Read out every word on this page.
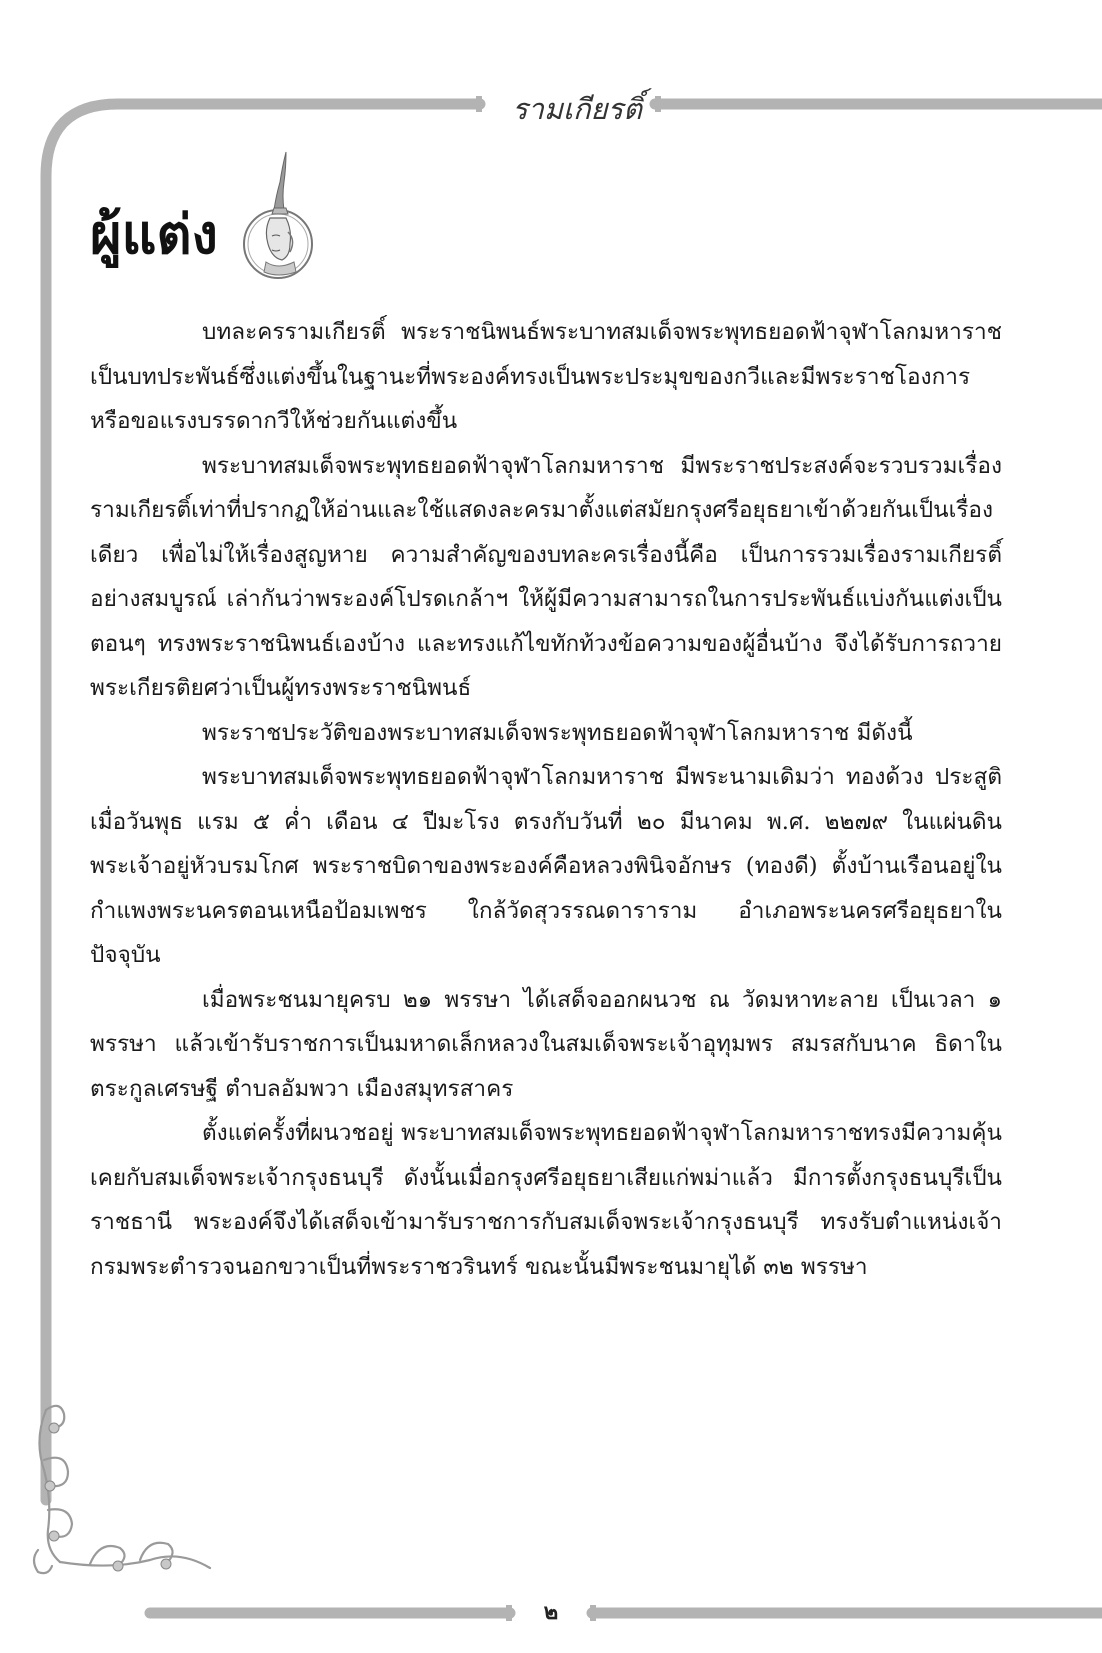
รามเกียรติ์
ผู้แต่ง

บทละครรามเกียรติ์ พระราชนิพนธ์พระบาทสมเด็จพระพุทธยอดฟ้าจุฬาโลกมหาราช เป็นบทประพันธ์ซึ่งแต่งขึ้นในฐานะที่พระองค์ทรงเป็นพระประมุขของกวีและมีพระราชโองการหรือขอแรงบรรดากวีให้ช่วยกันแต่งขึ้น

พระบาทสมเด็จพระพุทธยอดฟ้าจุฬาโลกมหาราช มีพระราชประสงค์จะรวบรวมเรื่องรามเกียรติ์เท่าที่ปรากฏให้อ่านและใช้แสดงละครมาตั้งแต่สมัยกรุงศรีอยุธยาเข้าด้วยกันเป็นเรื่องเดียว เพื่อไม่ให้เรื่องสูญหาย ความสำคัญของบทละครเรื่องนี้คือ เป็นการรวมเรื่องรามเกียรติ์อย่างสมบูรณ์ เล่ากันว่าพระองค์โปรดเกล้าฯ ให้ผู้มีความสามารถในการประพันธ์แบ่งกันแต่งเป็นตอนๆ ทรงพระราชนิพนธ์เองบ้าง และทรงแก้ไขทักท้วงข้อความของผู้อื่นบ้าง จึงได้รับการถวายพระเกียรติยศว่าเป็นผู้ทรงพระราชนิพนธ์

พระราชประวัติของพระบาทสมเด็จพระพุทธยอดฟ้าจุฬาโลกมหาราช มีดังนี้

พระบาทสมเด็จพระพุทธยอดฟ้าจุฬาโลกมหาราช มีพระนามเดิมว่า ทองด้วง ประสูติเมื่อวันพุธ แรม ๕ ค่ำ เดือน ๔ ปีมะโรง ตรงกับวันที่ ๒๐ มีนาคม พ.ศ. ๒๒๗๙ ในแผ่นดินพระเจ้าอยู่หัวบรมโกศ พระราชบิดาของพระองค์คือหลวงพินิจอักษร (ทองดี) ตั้งบ้านเรือนอยู่ในกำแพงพระนครตอนเหนือป้อมเพชร ใกล้วัดสุวรรณดาราราม อำเภอพระนครศรีอยุธยาในปัจจุบัน

เมื่อพระชนมายุครบ ๒๑ พรรษา ได้เสด็จออกผนวช ณ วัดมหาทะลาย เป็นเวลา ๑ พรรษา แล้วเข้ารับราชการเป็นมหาดเล็กหลวงในสมเด็จพระเจ้าอุทุมพร สมรสกับนาค ธิดาในตระกูลเศรษฐี ตำบลอัมพวา เมืองสมุทรสาคร

ตั้งแต่ครั้งที่ผนวชอยู่ พระบาทสมเด็จพระพุทธยอดฟ้าจุฬาโลกมหาราชทรงมีความคุ้นเคยกับสมเด็จพระเจ้ากรุงธนบุรี ดังนั้นเมื่อกรุงศรีอยุธยาเสียแก่พม่าแล้ว มีการตั้งกรุงธนบุรีเป็นราชธานี พระองค์จึงได้เสด็จเข้ามารับราชการกับสมเด็จพระเจ้ากรุงธนบุรี ทรงรับตำแหน่งเจ้ากรมพระตำรวจนอกขวาเป็นที่พระราชวรินทร์ ขณะนั้นมีพระชนมายุได้ ๓๒ พรรษา

๒
